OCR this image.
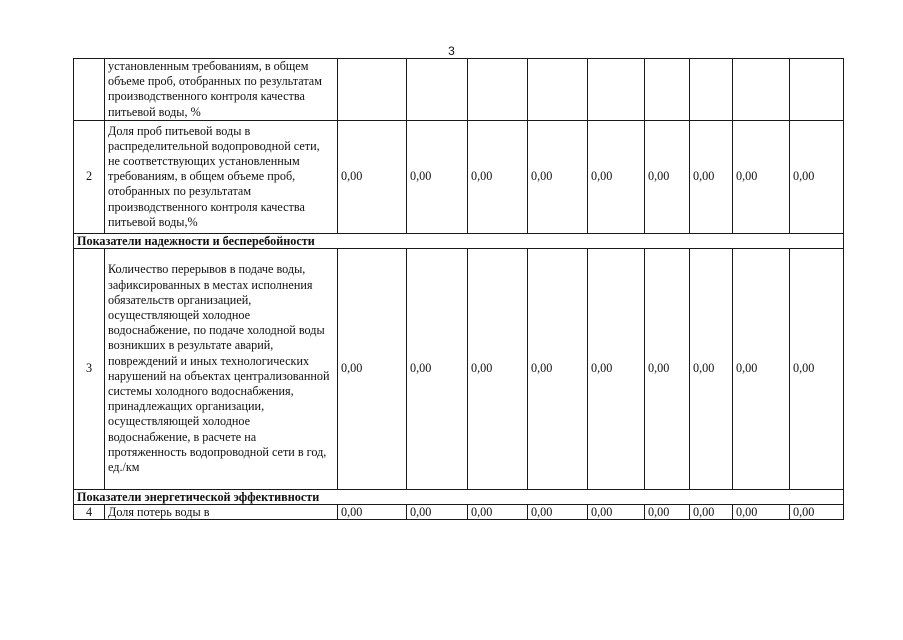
3
	установленным требованиям, в общем объеме проб, отобранных по результатам производственного контроля качества питьевой воды, %									
2	Доля проб питьевой воды в распределительной водопроводной сети, не соответствующих установленным требованиям, в общем объеме проб, отобранных по результатам производственного контроля качества питьевой воды,%	0,00	0,00	0,00	0,00	0,00	0,00	0,00	0,00	0,00
Показатели надежности и бесперебойности										
3	Количество перерывов в подаче воды, зафиксированных в местах исполнения обязательств организацией, осуществляющей холодное водоснабжение, по подаче холодной воды возникших в результате аварий, повреждений и иных технологических нарушений на объектах централизованной системы холодного водоснабжения, принадлежащих организации, осуществляющей холодное водоснабжение, в расчете на протяженность водопроводной сети в год, ед./км	0,00	0,00	0,00	0,00	0,00	0,00	0,00	0,00	0,00
Показатели энергетической эффективности										
4	Доля потерь воды в	0,00	0,00	0,00	0,00	0,00	0,00	0,00	0,00	0,00
